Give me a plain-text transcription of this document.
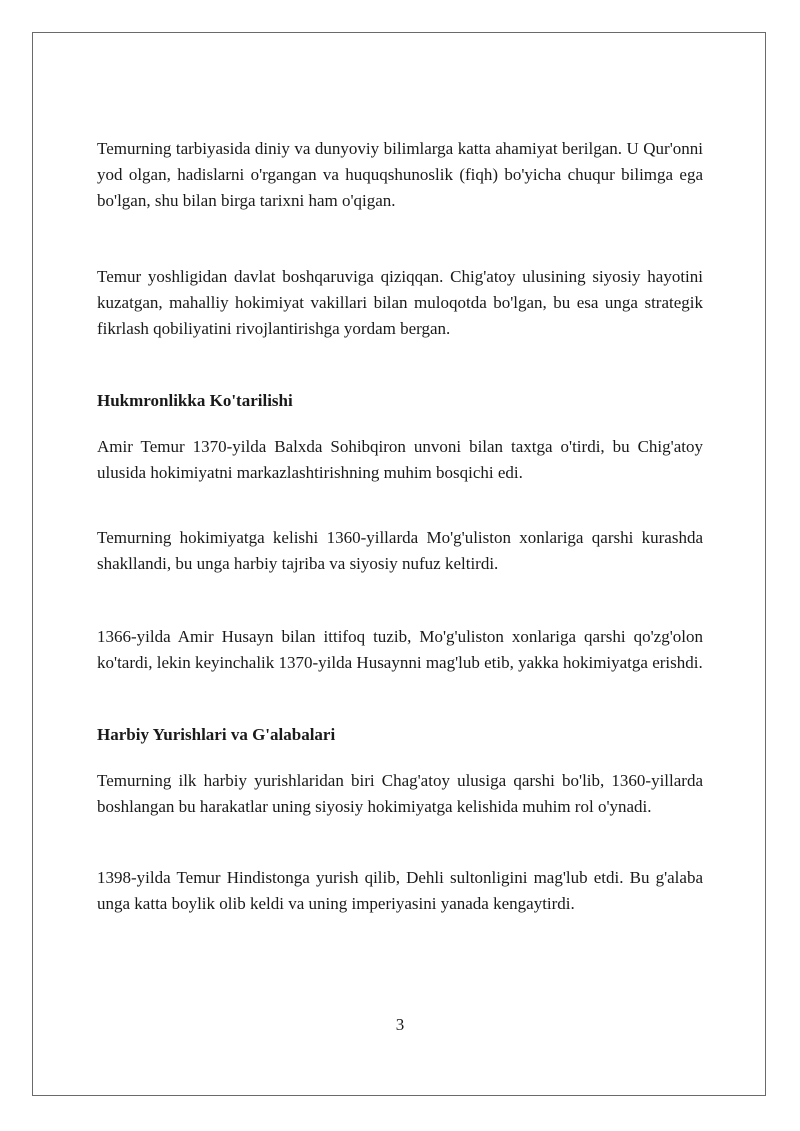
Temurning tarbiyasida diniy va dunyoviy bilimlarga katta ahamiyat berilgan. U Qur'onni yod olgan, hadislarni o'rgangan va huquqshunoslik (fiqh) bo'yicha chuqur bilimga ega bo'lgan, shu bilan birga tarixni ham o'qigan.

Temur yoshligidan davlat boshqaruviga qiziqqan. Chig'atoy ulusining siyosiy hayotini kuzatgan, mahalliy hokimiyat vakillari bilan muloqotda bo'lgan, bu esa unga strategik fikrlash qobiliyatini rivojlantirishga yordam bergan.

Hukmronlikka Ko'tarilishi

Amir Temur 1370-yilda Balxda Sohibqiron unvoni bilan taxtga o'tirdi, bu Chig'atoy ulusida hokimiyatni markazlashtirishning muhim bosqichi edi.

Temurning hokimiyatga kelishi 1360-yillarda Mo'g'uliston xonlariga qarshi kurashda shakllandi, bu unga harbiy tajriba va siyosiy nufuz keltirdi.

1366-yilda Amir Husayn bilan ittifoq tuzib, Mo'g'uliston xonlariga qarshi qo'zg'olon ko'tardi, lekin keyinchalik 1370-yilda Husaynni mag'lub etib, yakka hokimiyatga erishdi.

Harbiy Yurishlari va G'alabalari

Temurning ilk harbiy yurishlaridan biri Chag'atoy ulusiga qarshi bo'lib, 1360-yillarda boshlangan bu harakatlar uning siyosiy hokimiyatga kelishida muhim rol o'ynadi.

1398-yilda Temur Hindistonga yurish qilib, Dehli sultonligini mag'lub etdi. Bu g'alaba unga katta boylik olib keldi va uning imperiyasini yanada kengaytirdi.

3
